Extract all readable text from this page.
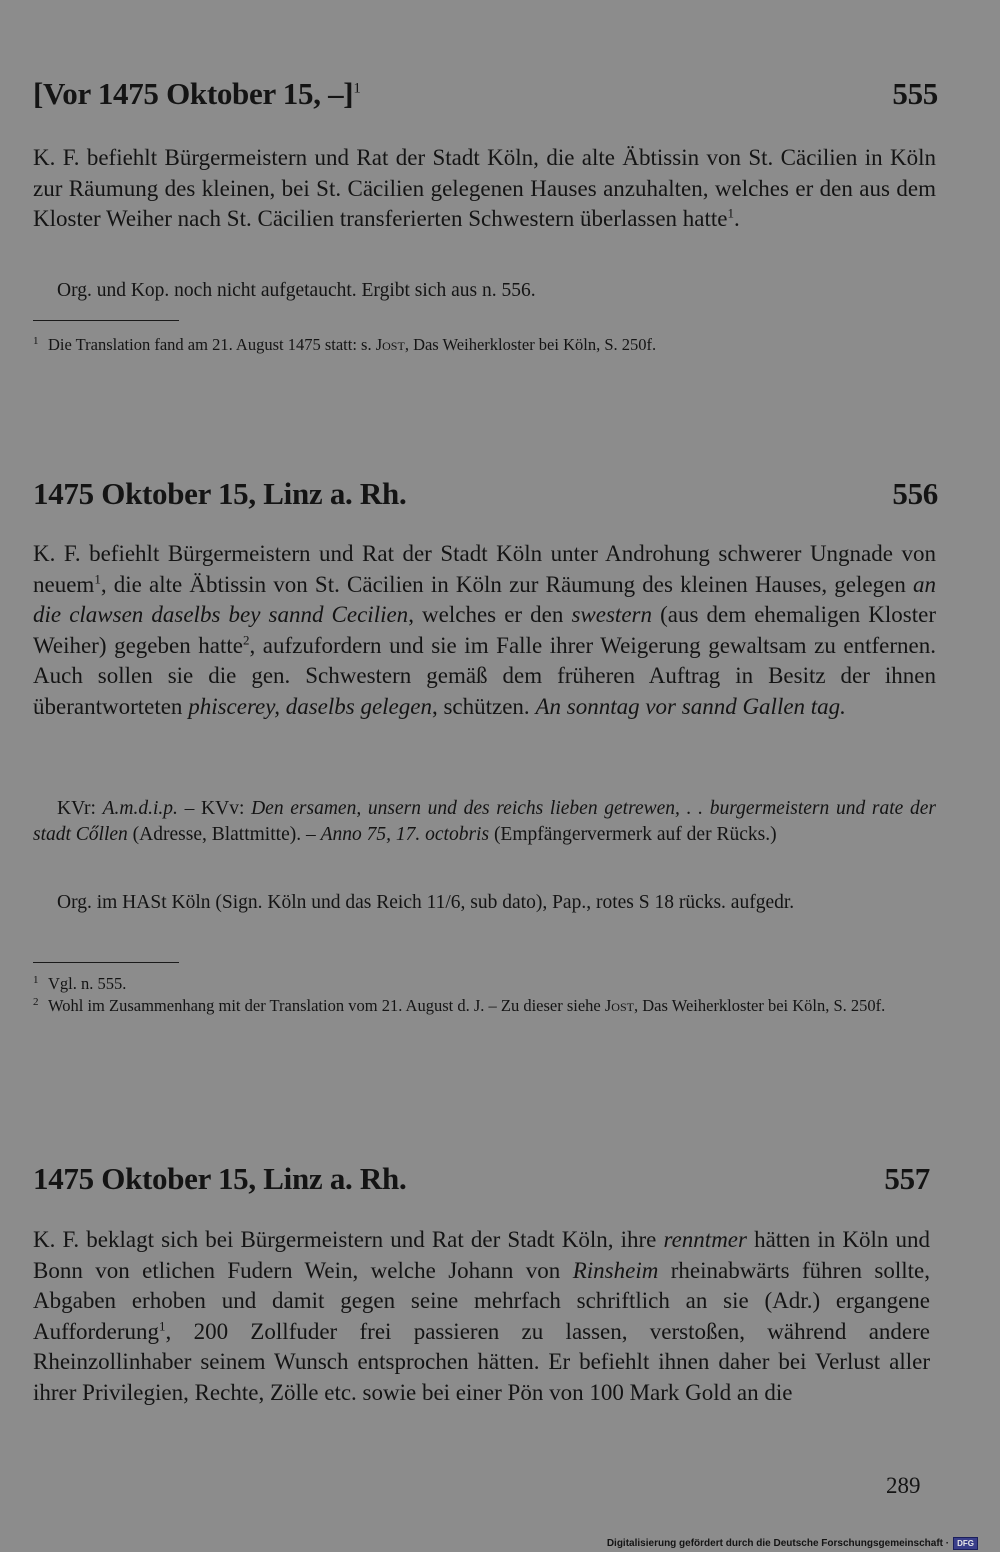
[Vor 1475 Oktober 15, –]$^1$	555
K. F. befiehlt Bürgermeistern und Rat der Stadt Köln, die alte Äbtissin von St. Cäcilien in Köln zur Räumung des kleinen, bei St. Cäcilien gelegenen Hauses anzuhalten, welches er den aus dem Kloster Weiher nach St. Cäcilien transferierten Schwestern überlassen hatte$^1$.
Org. und Kop. noch nicht aufgetaucht. Ergibt sich aus n. 556.
1 Die Translation fand am 21. August 1475 statt: s. Jost, Das Weiherkloster bei Köln, S. 250f.
1475 Oktober 15, Linz a. Rh.	556
K. F. befiehlt Bürgermeistern und Rat der Stadt Köln unter Androhung schwerer Ungnade von neuem$^1$, die alte Äbtissin von St. Cäcilien in Köln zur Räumung des kleinen Hauses, gelegen an die clawsen daselbs bey sannd Cecilien, welches er den swestern (aus dem ehemaligen Kloster Weiher) gegeben hatte$^2$, aufzufordern und sie im Falle ihrer Weigerung gewaltsam zu entfernen. Auch sollen sie die gen. Schwestern gemäß dem früheren Auftrag in Besitz der ihnen überantworteten phiscerey, daselbs gelegen, schützen. An sonntag vor sannd Gallen tag.
KVr: A.m.d.i.p. – KVv: Den ersamen, unsern und des reichs lieben getrewen, . . burgermeistern und rate der stadt Cőllen (Adresse, Blattmitte). – Anno 75, 17. octobris (Empfängervermerk auf der Rücks.)
Org. im HASt Köln (Sign. Köln und das Reich 11/6, sub dato), Pap., rotes S 18 rücks. aufgedr.
1 Vgl. n. 555.
2 Wohl im Zusammenhang mit der Translation vom 21. August d. J. – Zu dieser siehe Jost, Das Weiherkloster bei Köln, S. 250f.
1475 Oktober 15, Linz a. Rh.	557
K. F. beklagt sich bei Bürgermeistern und Rat der Stadt Köln, ihre renntmer hätten in Köln und Bonn von etlichen Fudern Wein, welche Johann von Rinsheim rheinabwärts führen sollte, Abgaben erhoben und damit gegen seine mehrfach schriftlich an sie (Adr.) ergangene Aufforderung$^1$, 200 Zollfuder frei passieren zu lassen, verstoßen, während andere Rheinzollinhaber seinem Wunsch entsprochen hätten. Er befiehlt ihnen daher bei Verlust aller ihrer Privilegien, Rechte, Zölle etc. sowie bei einer Pön von 100 Mark Gold an die
289
Digitalisierung gefördert durch die Deutsche Forschungsgemeinschaft ·	DFG
